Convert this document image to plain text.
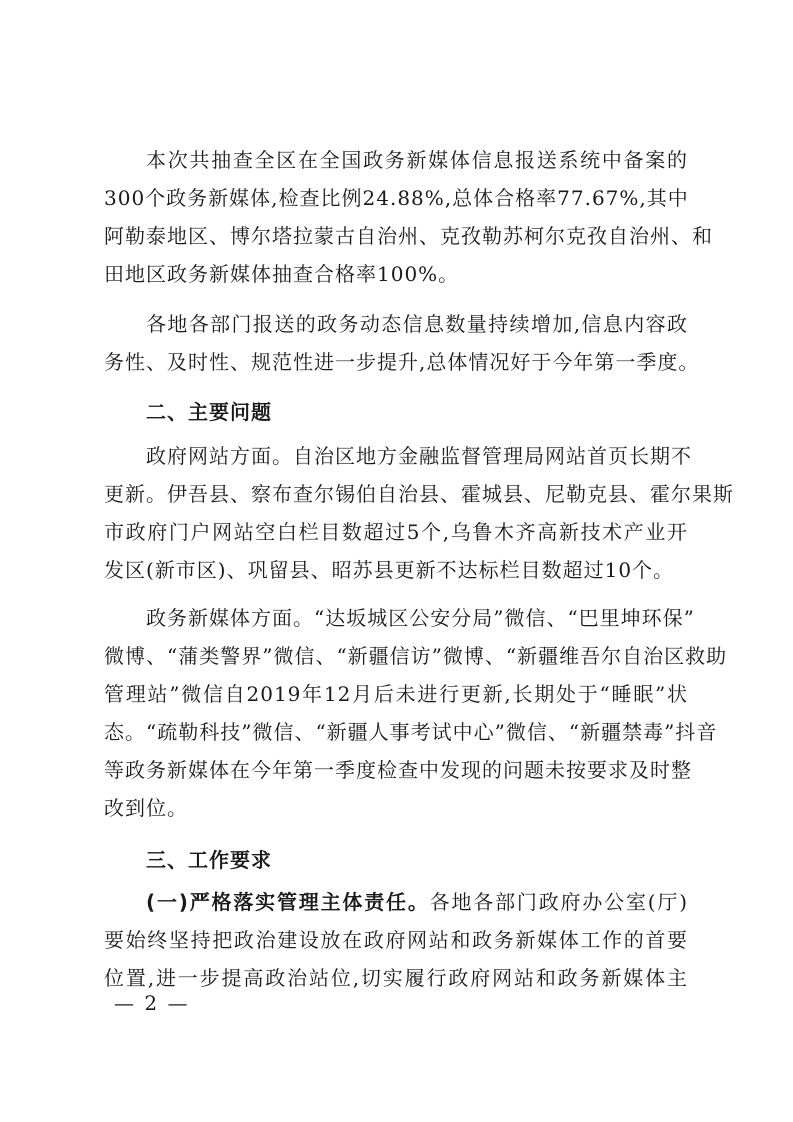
本次共抽查全区在全国政务新媒体信息报送系统中备案的
300个政务新媒体,检查比例24.88%,总体合格率77.67%,其中
阿勒泰地区、博尔塔拉蒙古自治州、克孜勒苏柯尔克孜自治州、和
田地区政务新媒体抽查合格率100%。
各地各部门报送的政务动态信息数量持续增加,信息内容政
务性、及时性、规范性进一步提升,总体情况好于今年第一季度。
二、主要问题
政府网站方面。自治区地方金融监督管理局网站首页长期不
更新。伊吾县、察布查尔锡伯自治县、霍城县、尼勒克县、霍尔果斯
市政府门户网站空白栏目数超过5个,乌鲁木齐高新技术产业开
发区(新市区)、巩留县、昭苏县更新不达标栏目数超过10个。
政务新媒体方面。“达坂城区公安分局”微信、“巴里坤环保”
微博、“蒲类警界”微信、“新疆信访”微博、“新疆维吾尔自治区救助
管理站”微信自2019年12月后未进行更新,长期处于“睡眠”状
态。“疏勒科技”微信、“新疆人事考试中心”微信、“新疆禁毒”抖音
等政务新媒体在今年第一季度检查中发现的问题未按要求及时整
改到位。
三、工作要求
(一)严格落实管理主体责任。各地各部门政府办公室(厅)
要始终坚持把政治建设放在政府网站和政务新媒体工作的首要
位置,进一步提高政治站位,切实履行政府网站和政务新媒体主
— 2 —
